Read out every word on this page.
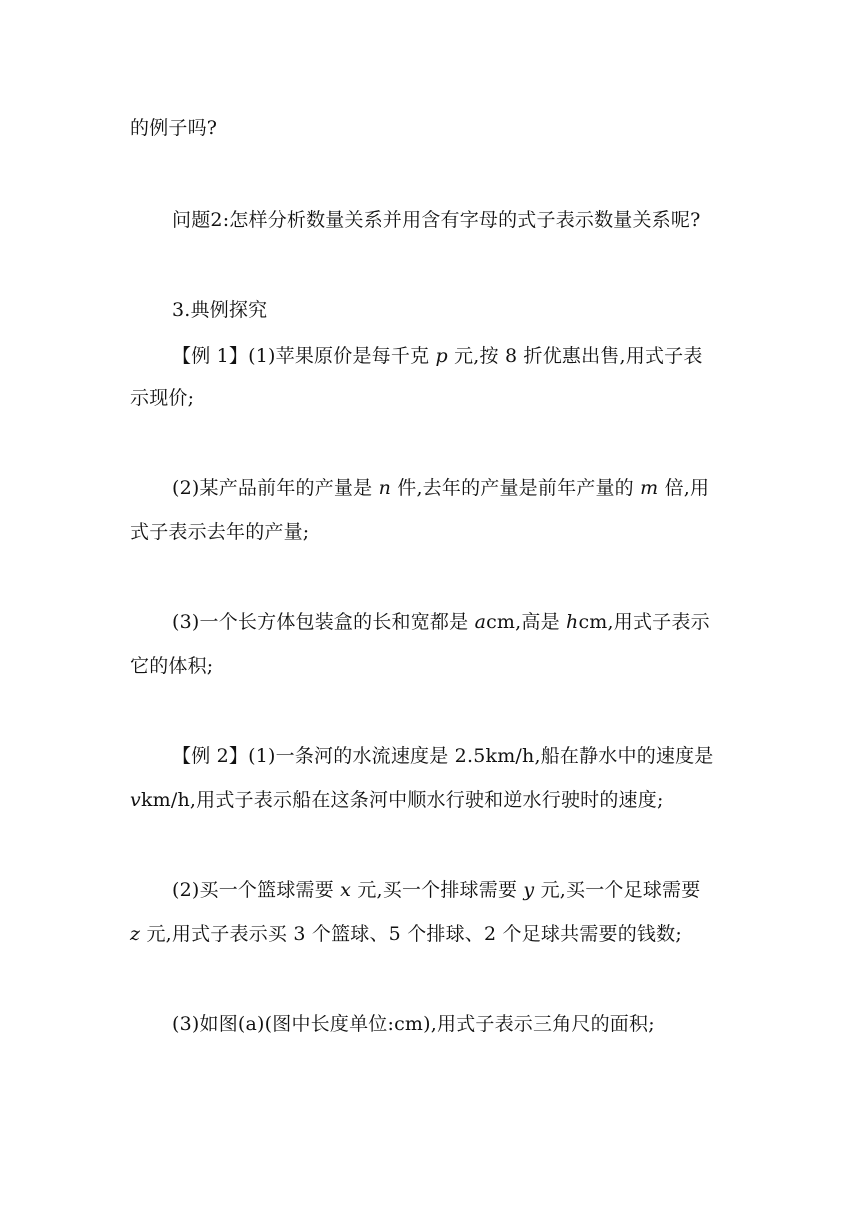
的例子吗?
问题2:怎样分析数量关系并用含有字母的式子表示数量关系呢?
3.典例探究
【例 1】(1)苹果原价是每千克 p 元,按 8 折优惠出售,用式子表
示现价;
(2)某产品前年的产量是 n 件,去年的产量是前年产量的 m 倍,用
式子表示去年的产量;
(3)一个长方体包装盒的长和宽都是 acm,高是 hcm,用式子表示
它的体积;
【例 2】(1)一条河的水流速度是 2.5km/h,船在静水中的速度是
vkm/h,用式子表示船在这条河中顺水行驶和逆水行驶时的速度;
(2)买一个篮球需要 x 元,买一个排球需要 y 元,买一个足球需要
z 元,用式子表示买 3 个篮球、5 个排球、2 个足球共需要的钱数;
(3)如图(a)(图中长度单位:cm),用式子表示三角尺的面积;
